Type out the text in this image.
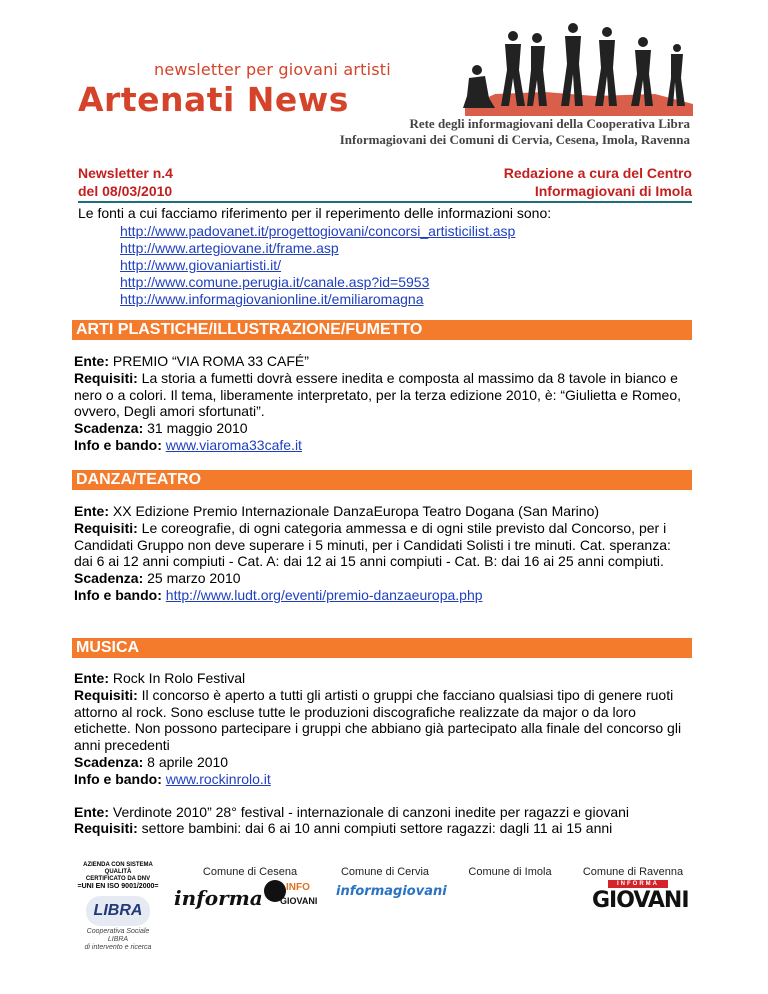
newsletter per giovani artisti
Artenati News
Rete degli informagiovani della Cooperativa Libra
Informagiovani dei Comuni di Cervia, Cesena, Imola, Ravenna
Newsletter n.4
del 08/03/2010
Redazione a cura del Centro
Informagiovani di Imola
Le fonti a cui facciamo riferimento per il reperimento delle informazioni sono:
http://www.padovanet.it/progettogiovani/concorsi_artisticilist.asp
http://www.artegiovane.it/frame.asp
http://www.giovaniartisti.it/
http://www.comune.perugia.it/canale.asp?id=5953
http://www.informagiovanionline.it/emiliaromagna
ARTI PLASTICHE/ILLUSTRAZIONE/FUMETTO
Ente: PREMIO “VIA ROMA 33 CAFÉ”
Requisiti: La storia a fumetti dovrà essere inedita e composta al massimo da 8 tavole in bianco e nero o a colori. Il tema, liberamente interpretato, per la terza edizione 2010, è: “Giulietta e Romeo, ovvero, Degli amori sfortunati”.
Scadenza: 31 maggio 2010
Info e bando: www.viaroma33cafe.it
DANZA/TEATRO
Ente: XX Edizione Premio Internazionale DanzaEuropa Teatro Dogana (San Marino)
Requisiti: Le coreografie, di ogni categoria ammessa e di ogni stile previsto dal Concorso, per i Candidati Gruppo non deve superare i 5 minuti, per i Candidati Solisti i tre minuti. Cat. speranza: dai 6 ai 12 anni compiuti - Cat. A: dai 12 ai 15 anni compiuti - Cat. B: dai 16 ai 25 anni compiuti.
Scadenza: 25 marzo 2010
Info e bando: http://www.ludt.org/eventi/premio-danzaeuropa.php
MUSICA
Ente: Rock In Rolo Festival
Requisiti: Il concorso è aperto a tutti gli artisti o gruppi che facciano qualsiasi tipo di genere ruoti attorno al rock. Sono escluse tutte le produzioni discografiche realizzate da major o da loro etichette. Non possono partecipare i gruppi che abbiano già partecipato alla finale del concorso gli anni precedenti
Scadenza: 8 aprile 2010
Info e bando: www.rockinrolo.it
Ente: Verdinote 2010” 28° festival - internazionale di canzoni inedite per ragazzi e giovani
Requisiti: settore bambini: dai 6 ai 10 anni compiuti settore ragazzi: dagli 11 ai 15 anni
AZIENDA CON SISTEMA QUALITÀ
CERTIFICATO DA DNV
=UNI EN ISO 9001/2000=
LIBRA
Cooperativa Sociale LIBRA
di intervento e ricerca
Comune di Cesena
informa INFO
GIOVANI
Comune di Cervia
informagiovani
Comune di Imola	Comune di Ravenna
INFORMA
GIOVANI
